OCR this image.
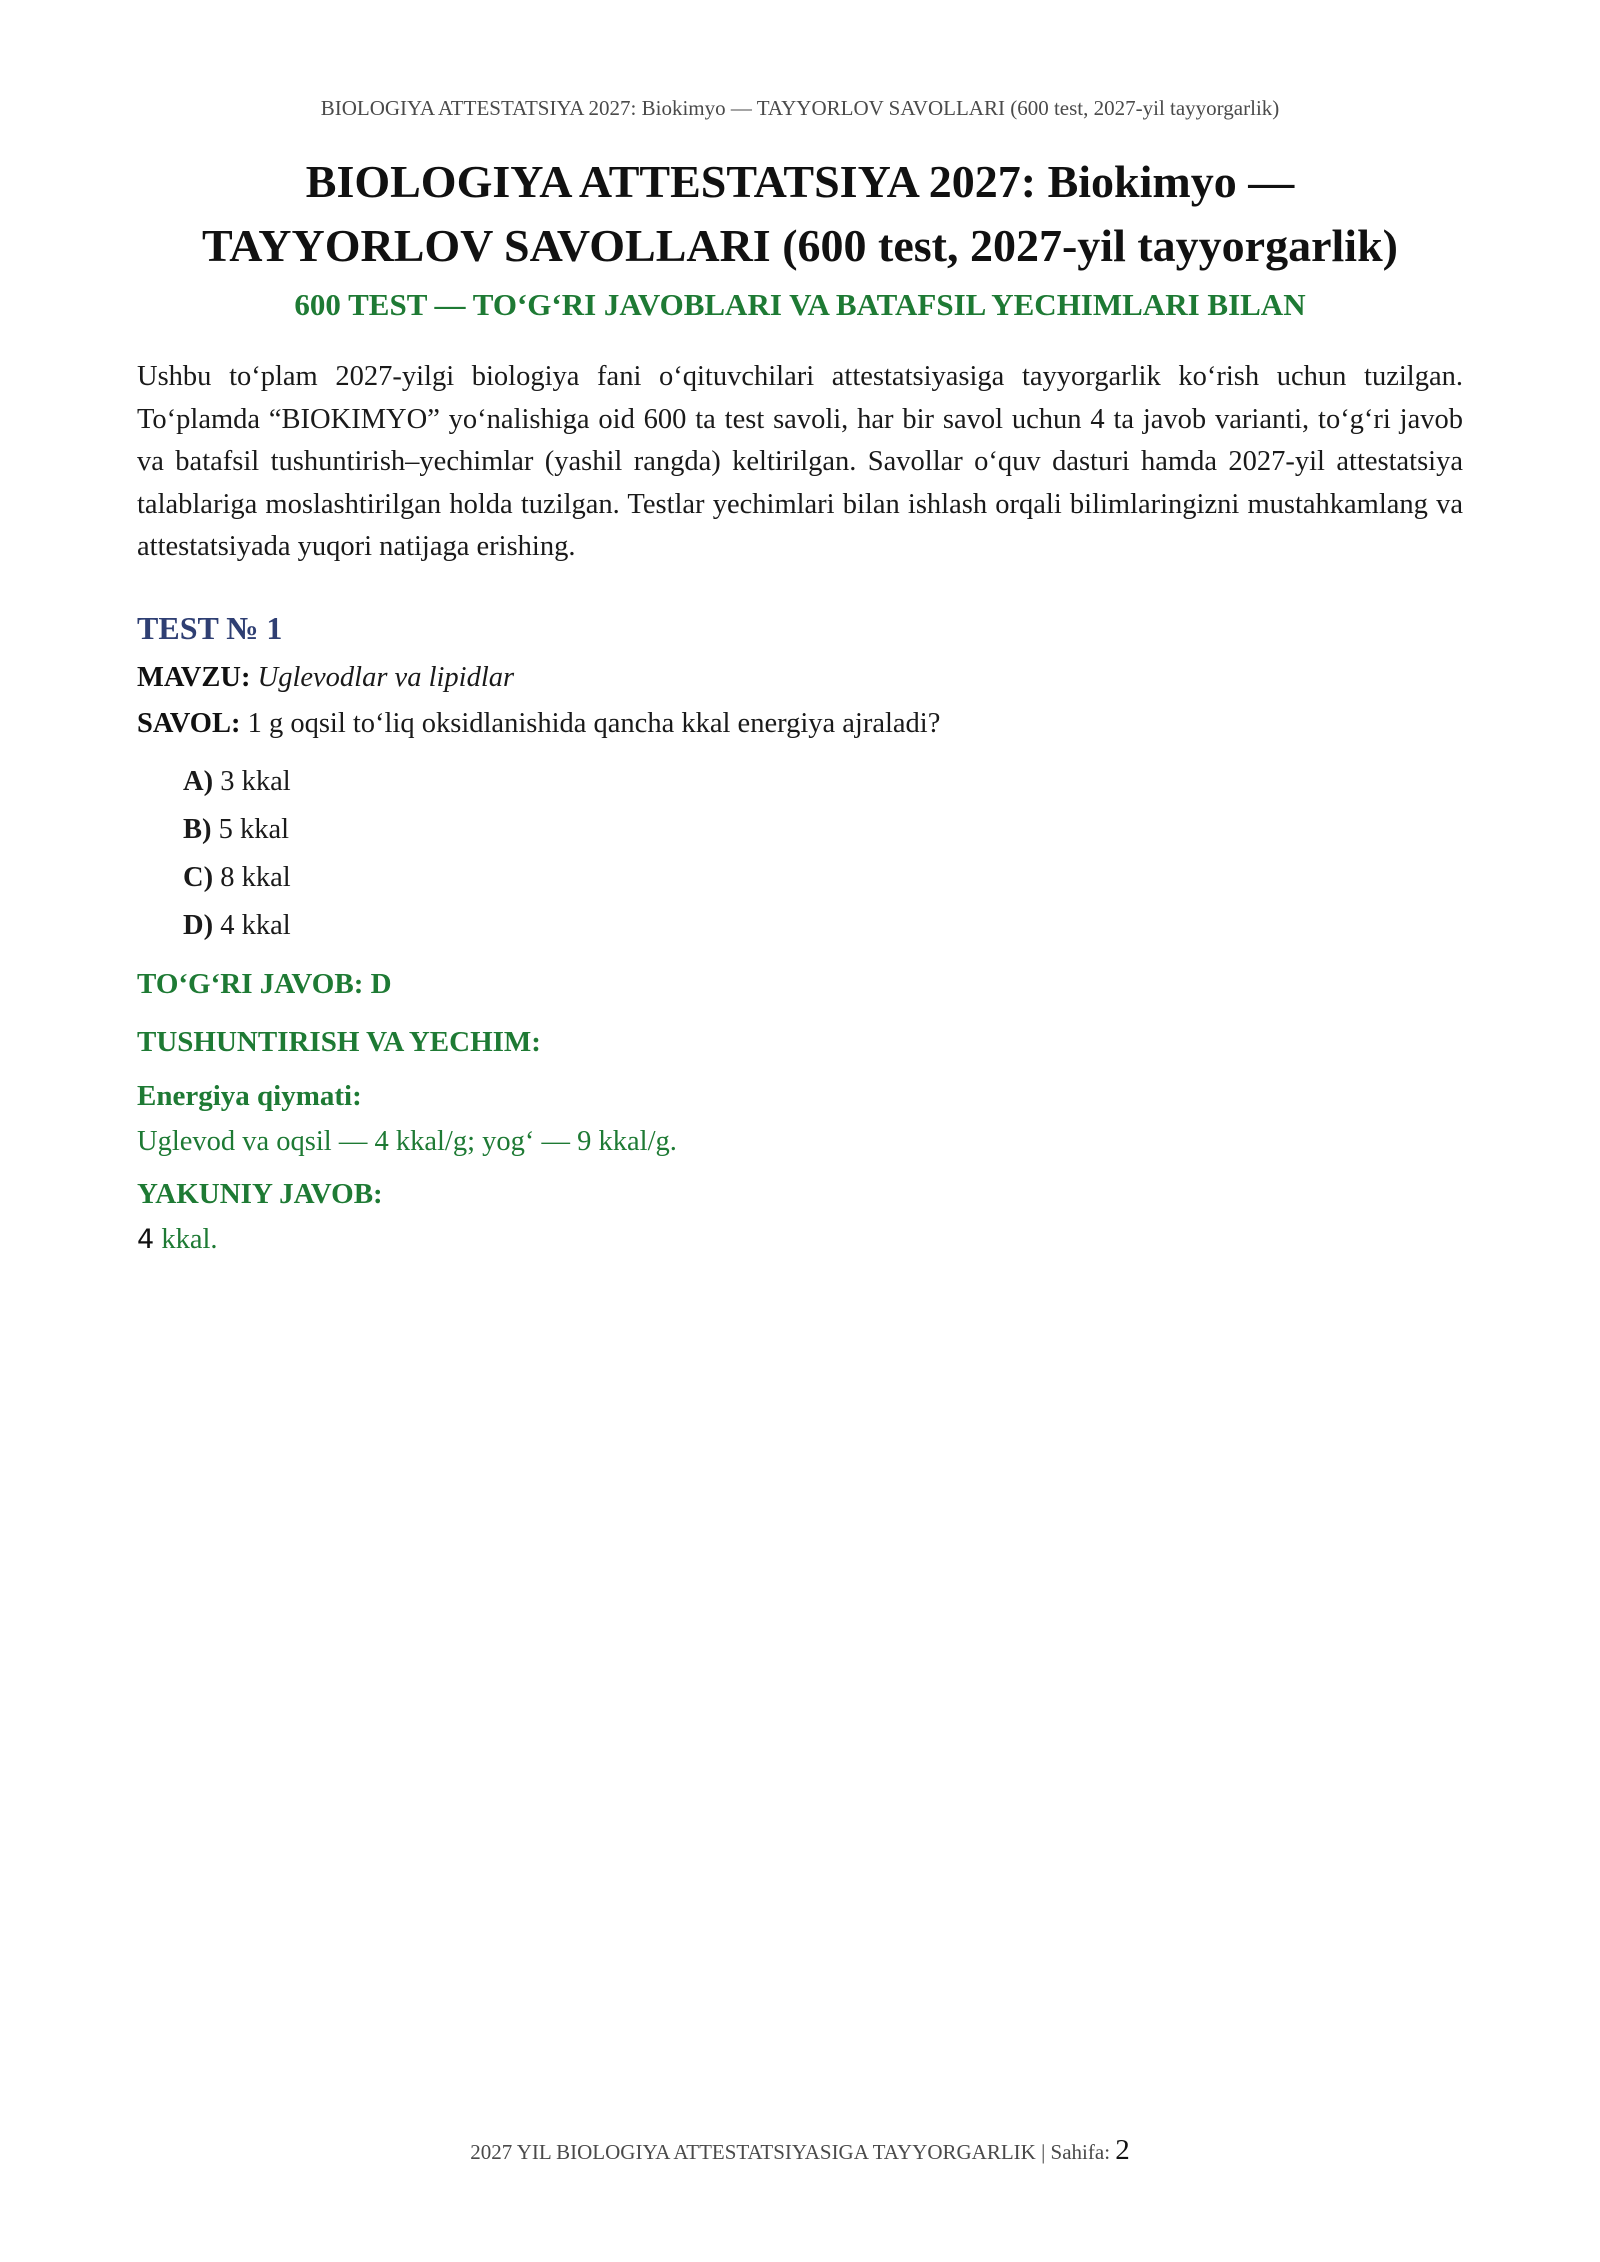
BIOLOGIYA ATTESTATSIYA 2027: Biokimyo — TAYYORLOV SAVOLLARI (600 test, 2027-yil tayyorgarlik)
BIOLOGIYA ATTESTATSIYA 2027: Biokimyo —
TAYYORLOV SAVOLLARI (600 test, 2027-yil tayyorgarlik)
600 TEST — TO‘G‘RI JAVOBLARI VA BATAFSIL YECHIMLARI BILAN
Ushbu to‘plam 2027-yilgi biologiya fani o‘qituvchilari attestatsiyasiga tayyorgarlik ko‘rish uchun tuzilgan. To‘plamda “BIOKIMYO” yo‘nalishiga oid 600 ta test savoli, har bir savol uchun 4 ta javob varianti, to‘g‘ri javob va batafsil tushuntirish–yechimlar (yashil rangda) keltirilgan. Savollar o‘quv dasturi hamda 2027-yil attestatsiya talablariga moslashtirilgan holda tuzilgan. Testlar yechimlari bilan ishlash orqali bilimlaringizni mustahkamlang va attestatsiyada yuqori natijaga erishing.
TEST № 1
MAVZU: Uglevodlar va lipidlar
SAVOL: 1 g oqsil to‘liq oksidlanishida qancha kkal energiya ajraladi?
A) 3 kkal
B) 5 kkal
C) 8 kkal
D) 4 kkal
TO‘G‘RI JAVOB: D
TUSHUNTIRISH VA YECHIM:
Energiya qiymati:
Uglevod va oqsil — 4 kkal/g; yog‘ — 9 kkal/g.
YAKUNIY JAVOB:
4 kkal.
2027 YIL BIOLOGIYA ATTESTATSIYASIGA TAYYORGARLIK | Sahifa: 2
